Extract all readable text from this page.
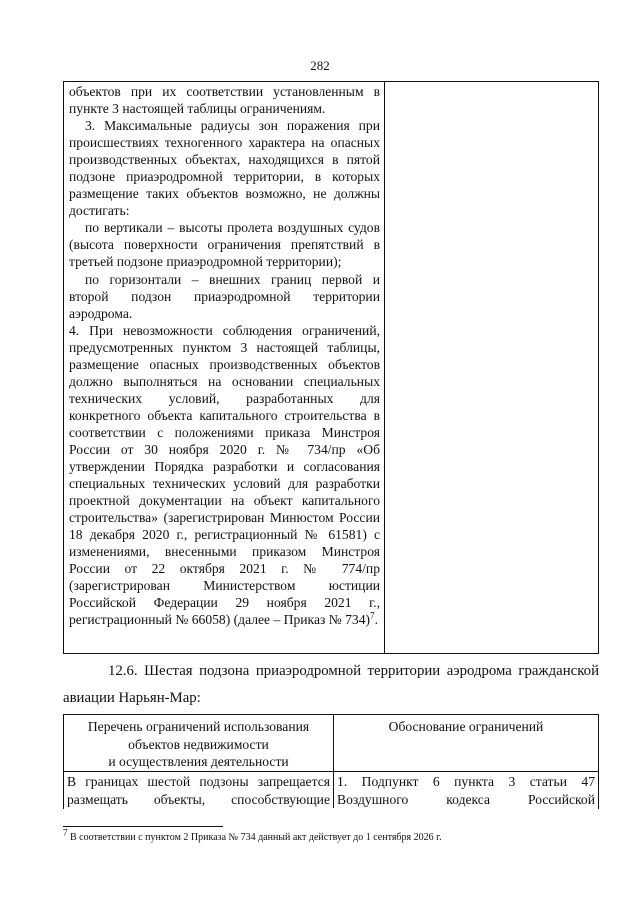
282

объектов при их соответствии установленным в пункте 3 настоящей таблицы ограничениям.

3. Максимальные радиусы зон поражения при происшествиях техногенного характера на опасных производственных объектах, находящихся в пятой подзоне приаэродромной территории, в которых размещение таких объектов возможно, не должны достигать:

по вертикали – высоты пролета воздушных судов (высота поверхности ограничения препятствий в третьей подзоне приаэродромной территории);

по горизонтали – внешних границ первой и второй подзон приаэродромной территории аэродрома.

4. При невозможности соблюдения ограничений, предусмотренных пунктом 3 настоящей таблицы, размещение опасных производственных объектов должно выполняться на основании специальных технических условий, разработанных для конкретного объекта капитального строительства в соответствии с положениями приказа Минстроя России от 30 ноября 2020 г. № 734/пр «Об утверждении Порядка разработки и согласования специальных технических условий для разработки проектной документации на объект капитального строительства» (зарегистрирован Минюстом России 18 декабря 2020 г., регистрационный № 61581) с изменениями, внесенными приказом Минстроя России от 22 октября 2021 г. № 774/пр (зарегистрирован Министерством юстиции Российской Федерации 29 ноября 2021 г., регистрационный № 66058) (далее – Приказ № 734)$^7$.

12.6. Шестая подзона приаэродромной территории аэродрома гражданской
авиации Нарьян-Мар:
Перечень ограничений использования
объектов недвижимости
и осуществления деятельности
Обоснование ограничений
В границах шестой подзоны запрещается
размещать объекты, способствующие
1. Подпункт 6 пункта 3 статьи 47
Воздушного кодекса Российской
7 В соответствии с пунктом 2 Приказа № 734 данный акт действует до 1 сентября 2026 г.
